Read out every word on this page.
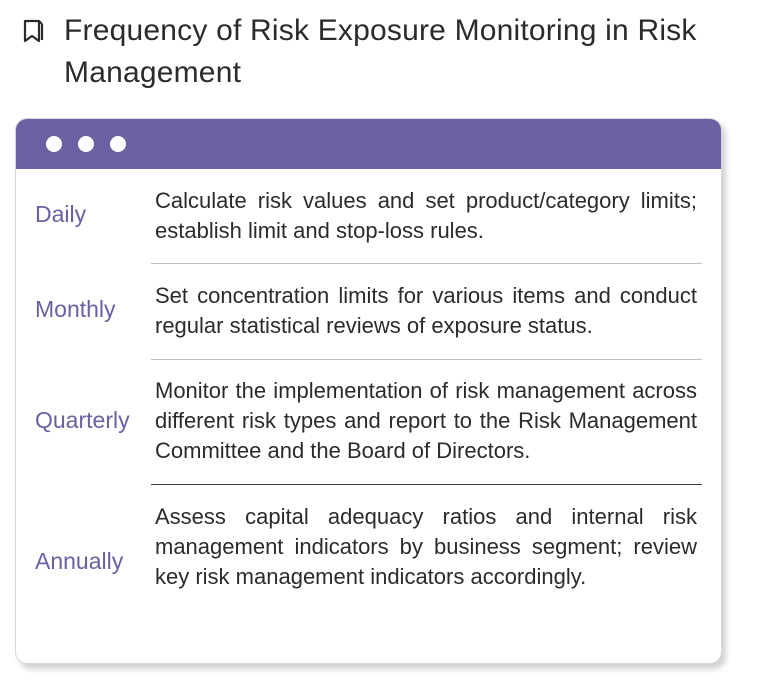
Frequency of Risk Exposure Monitoring in Risk Management
Daily
Calculate risk values and set product/category limits; establish limit and stop-loss rules.
Monthly
Set concentration limits for various items and conduct regular statistical reviews of exposure status.
Quarterly
Monitor the implementation of risk management across different risk types and report to the Risk Management Committee and the Board of Directors.
Annually
Assess capital adequacy ratios and internal risk management indicators by business segment; review key risk management indicators accordingly.
